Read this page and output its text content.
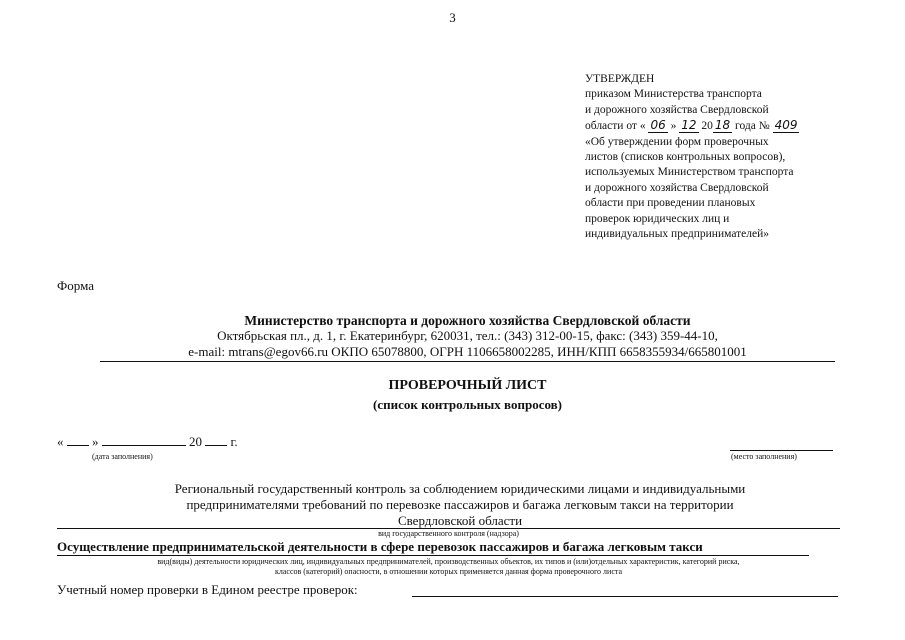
3
УТВЕРЖДЕН
приказом Министерства транспорта
и дорожного хозяйства Свердловской
области от « 06 » 12 20 18 года № 409
«Об утверждении форм проверочных
листов (списков контрольных вопросов),
используемых Министерством транспорта
и дорожного хозяйства Свердловской
области при проведении плановых
проверок юридических лиц и
индивидуальных предпринимателей»
Форма
Министерство транспорта и дорожного хозяйства Свердловской области
Октябрьская пл., д. 1, г. Екатеринбург, 620031, тел.: (343) 312-00-15, факс: (343) 359-44-10,
e-mail: mtrans@egov66.ru ОКПО 65078800, ОГРН 1106658002285, ИНН/КПП 6658355934/665801001
ПРОВЕРОЧНЫЙ ЛИСТ
(список контрольных вопросов)
« »	20 г.
(дата заполнения)	(место заполнения)
Региональный государственный контроль за соблюдением юридическими лицами и индивидуальными
предпринимателями требований по перевозке пассажиров и багажа легковым такси на территории
Свердловской области
вид государственного контроля (надзора)
Осуществление предпринимательской деятельности в сфере перевозок пассажиров и багажа легковым такси
вид(виды) деятельности юридических лиц, индивидуальных предпринимателей, производственных объектов, их типов и (или)отдельных характеристик, категорий риска,
классов (категорий) опасности, в отношении которых применяется данная форма проверочного листа
Учетный номер проверки в Едином реестре проверок:
